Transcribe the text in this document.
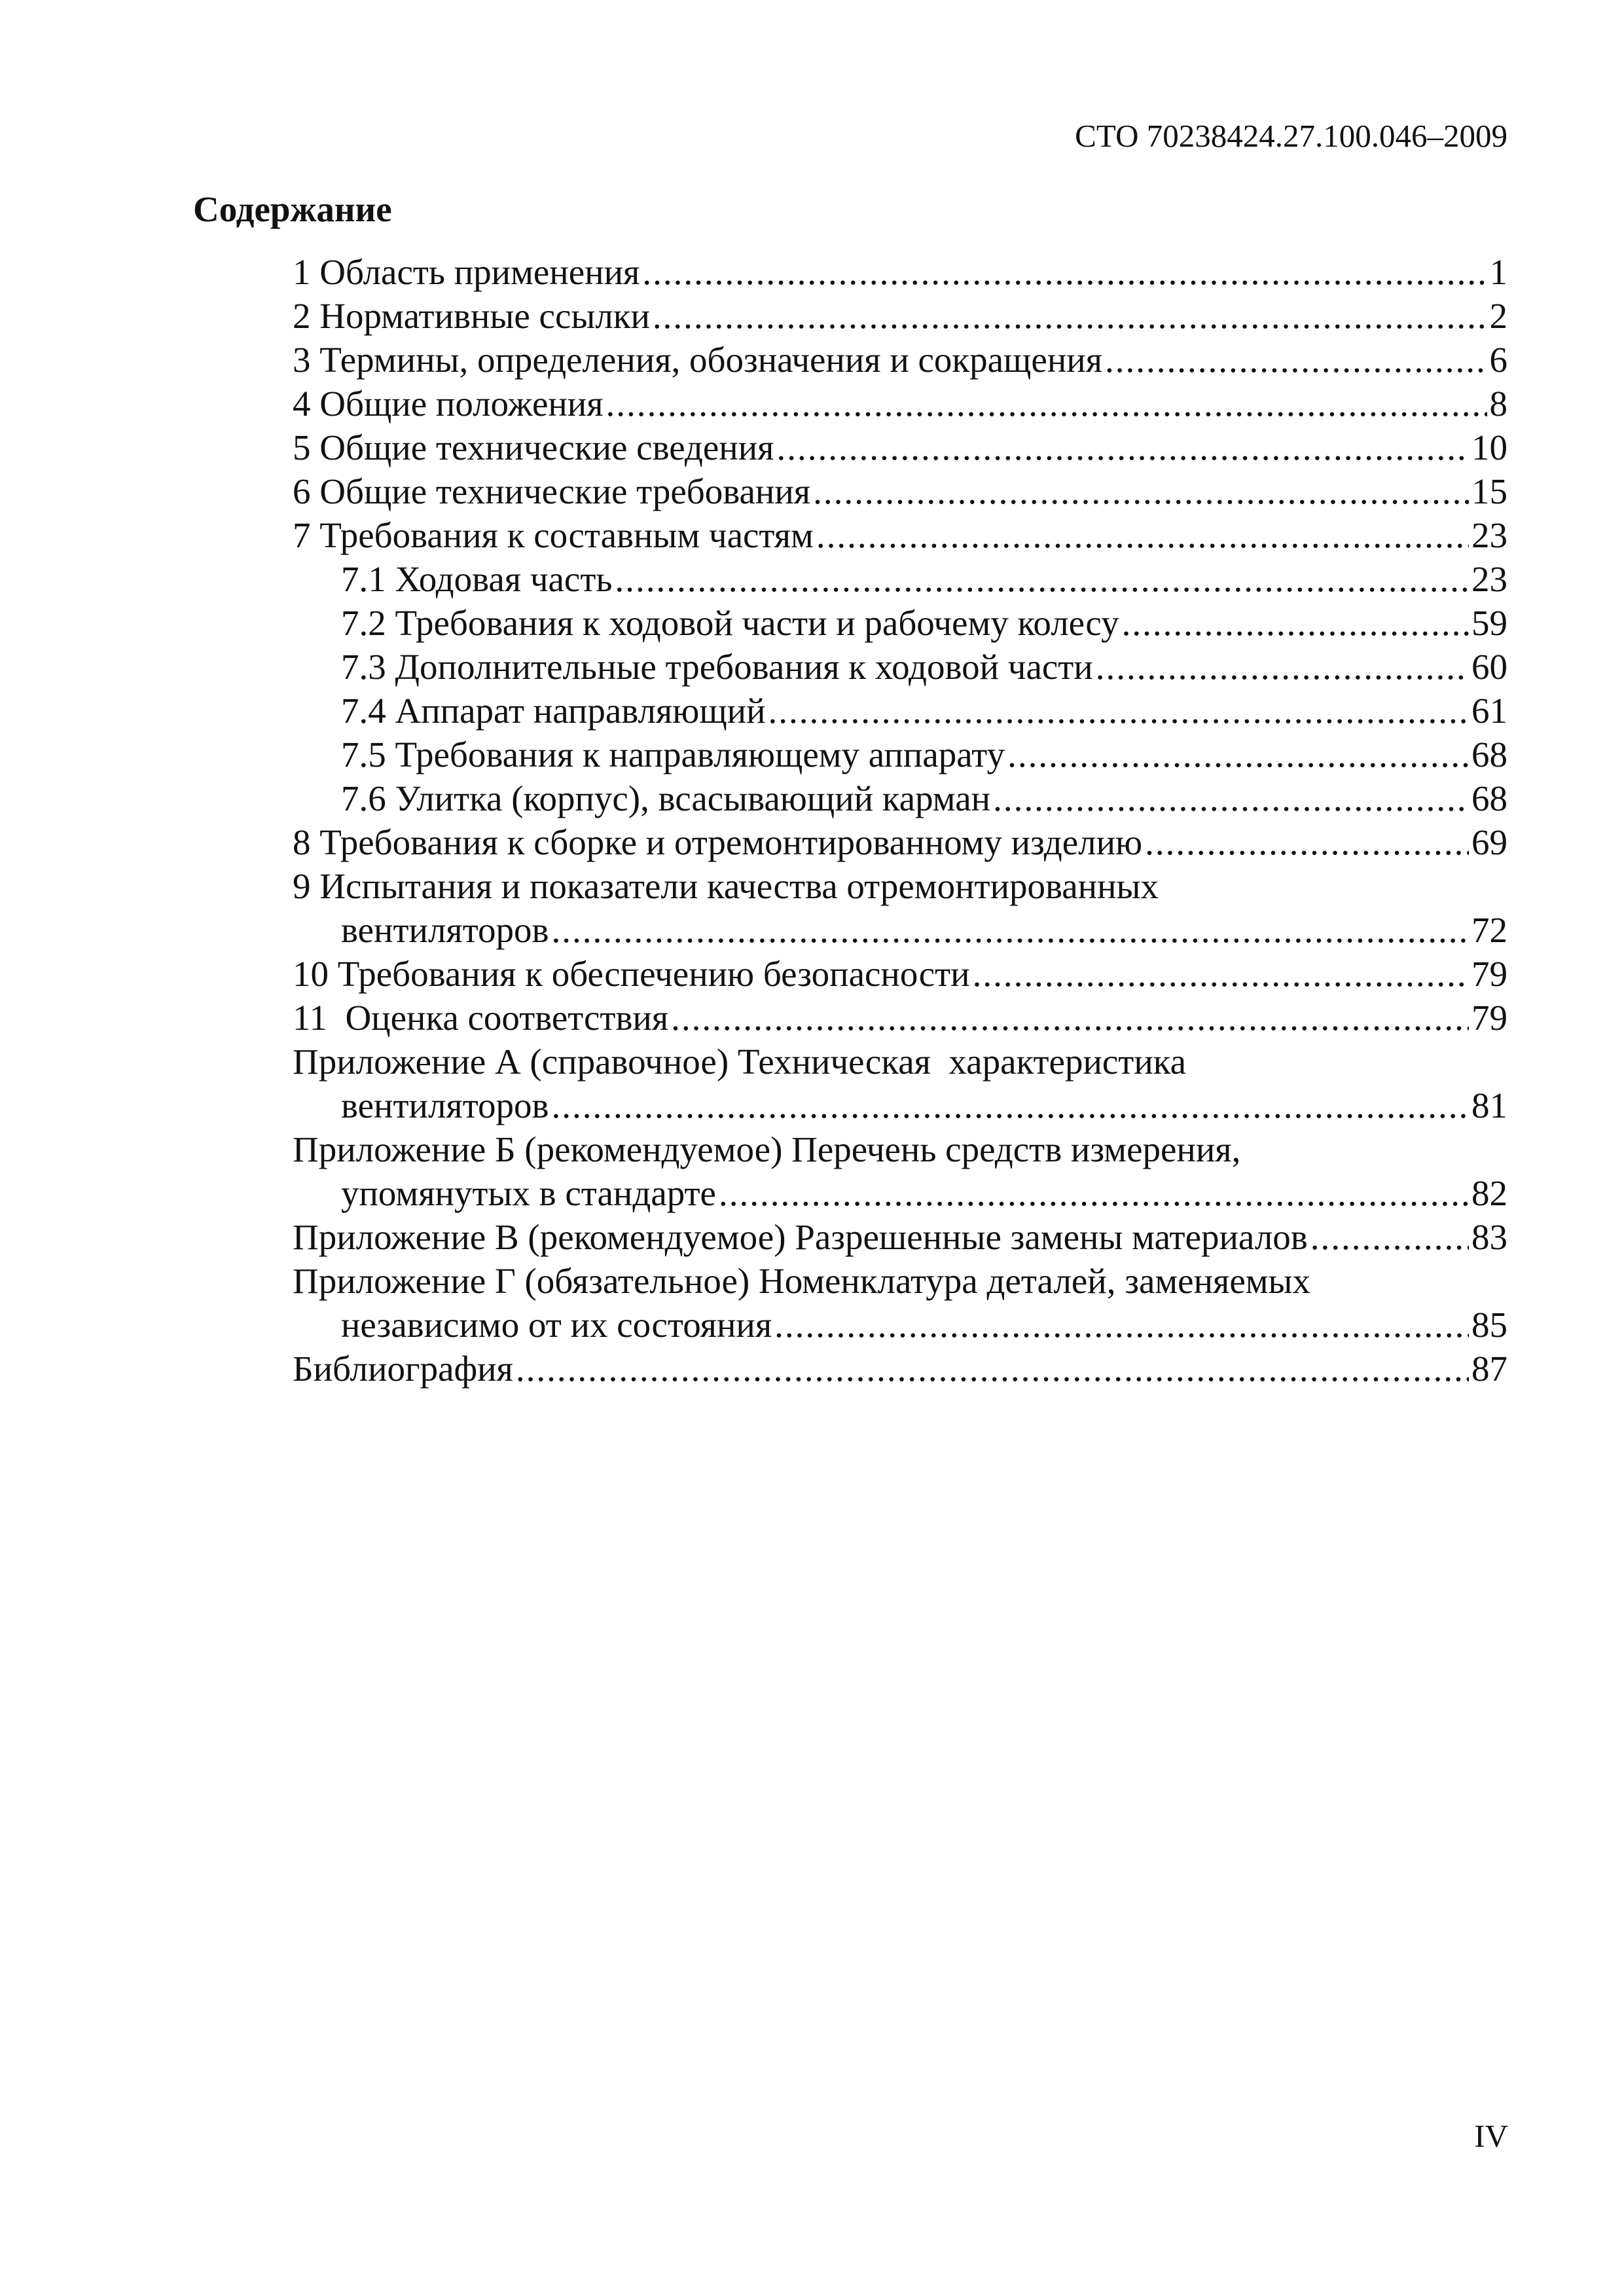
СТО 70238424.27.100.046–2009
Содержание
1 Область применения .....	1
2 Нормативные ссылки .....	2
3 Термины, определения, обозначения и сокращения .....	6
4 Общие положения .....	8
5 Общие технические сведения .....	10
6 Общие технические требования .....	15
7 Требования к составным частям .....	23
7.1 Ходовая часть .....	23
7.2 Требования к ходовой части и рабочему колесу .....	59
7.3 Дополнительные требования к ходовой части .....	60
7.4 Аппарат направляющий .....	61
7.5 Требования к направляющему аппарату .....	68
7.6 Улитка (корпус), всасывающий карман .....	68
8 Требования к сборке и отремонтированному изделию .....	69
9 Испытания и показатели качества отремонтированных
вентиляторов .....	72
10 Требования к обеспечению безопасности .....	79
11  Оценка соответствия .....	79
Приложение А (справочное) Техническая  характеристика
вентиляторов .....	81
Приложение Б (рекомендуемое) Перечень средств измерения,
упомянутых в стандарте .....	82
Приложение В (рекомендуемое) Разрешенные замены материалов .....	83
Приложение Г (обязательное) Номенклатура деталей, заменяемых
независимо от их состояния .....	85
Библиография .....	87
IV
